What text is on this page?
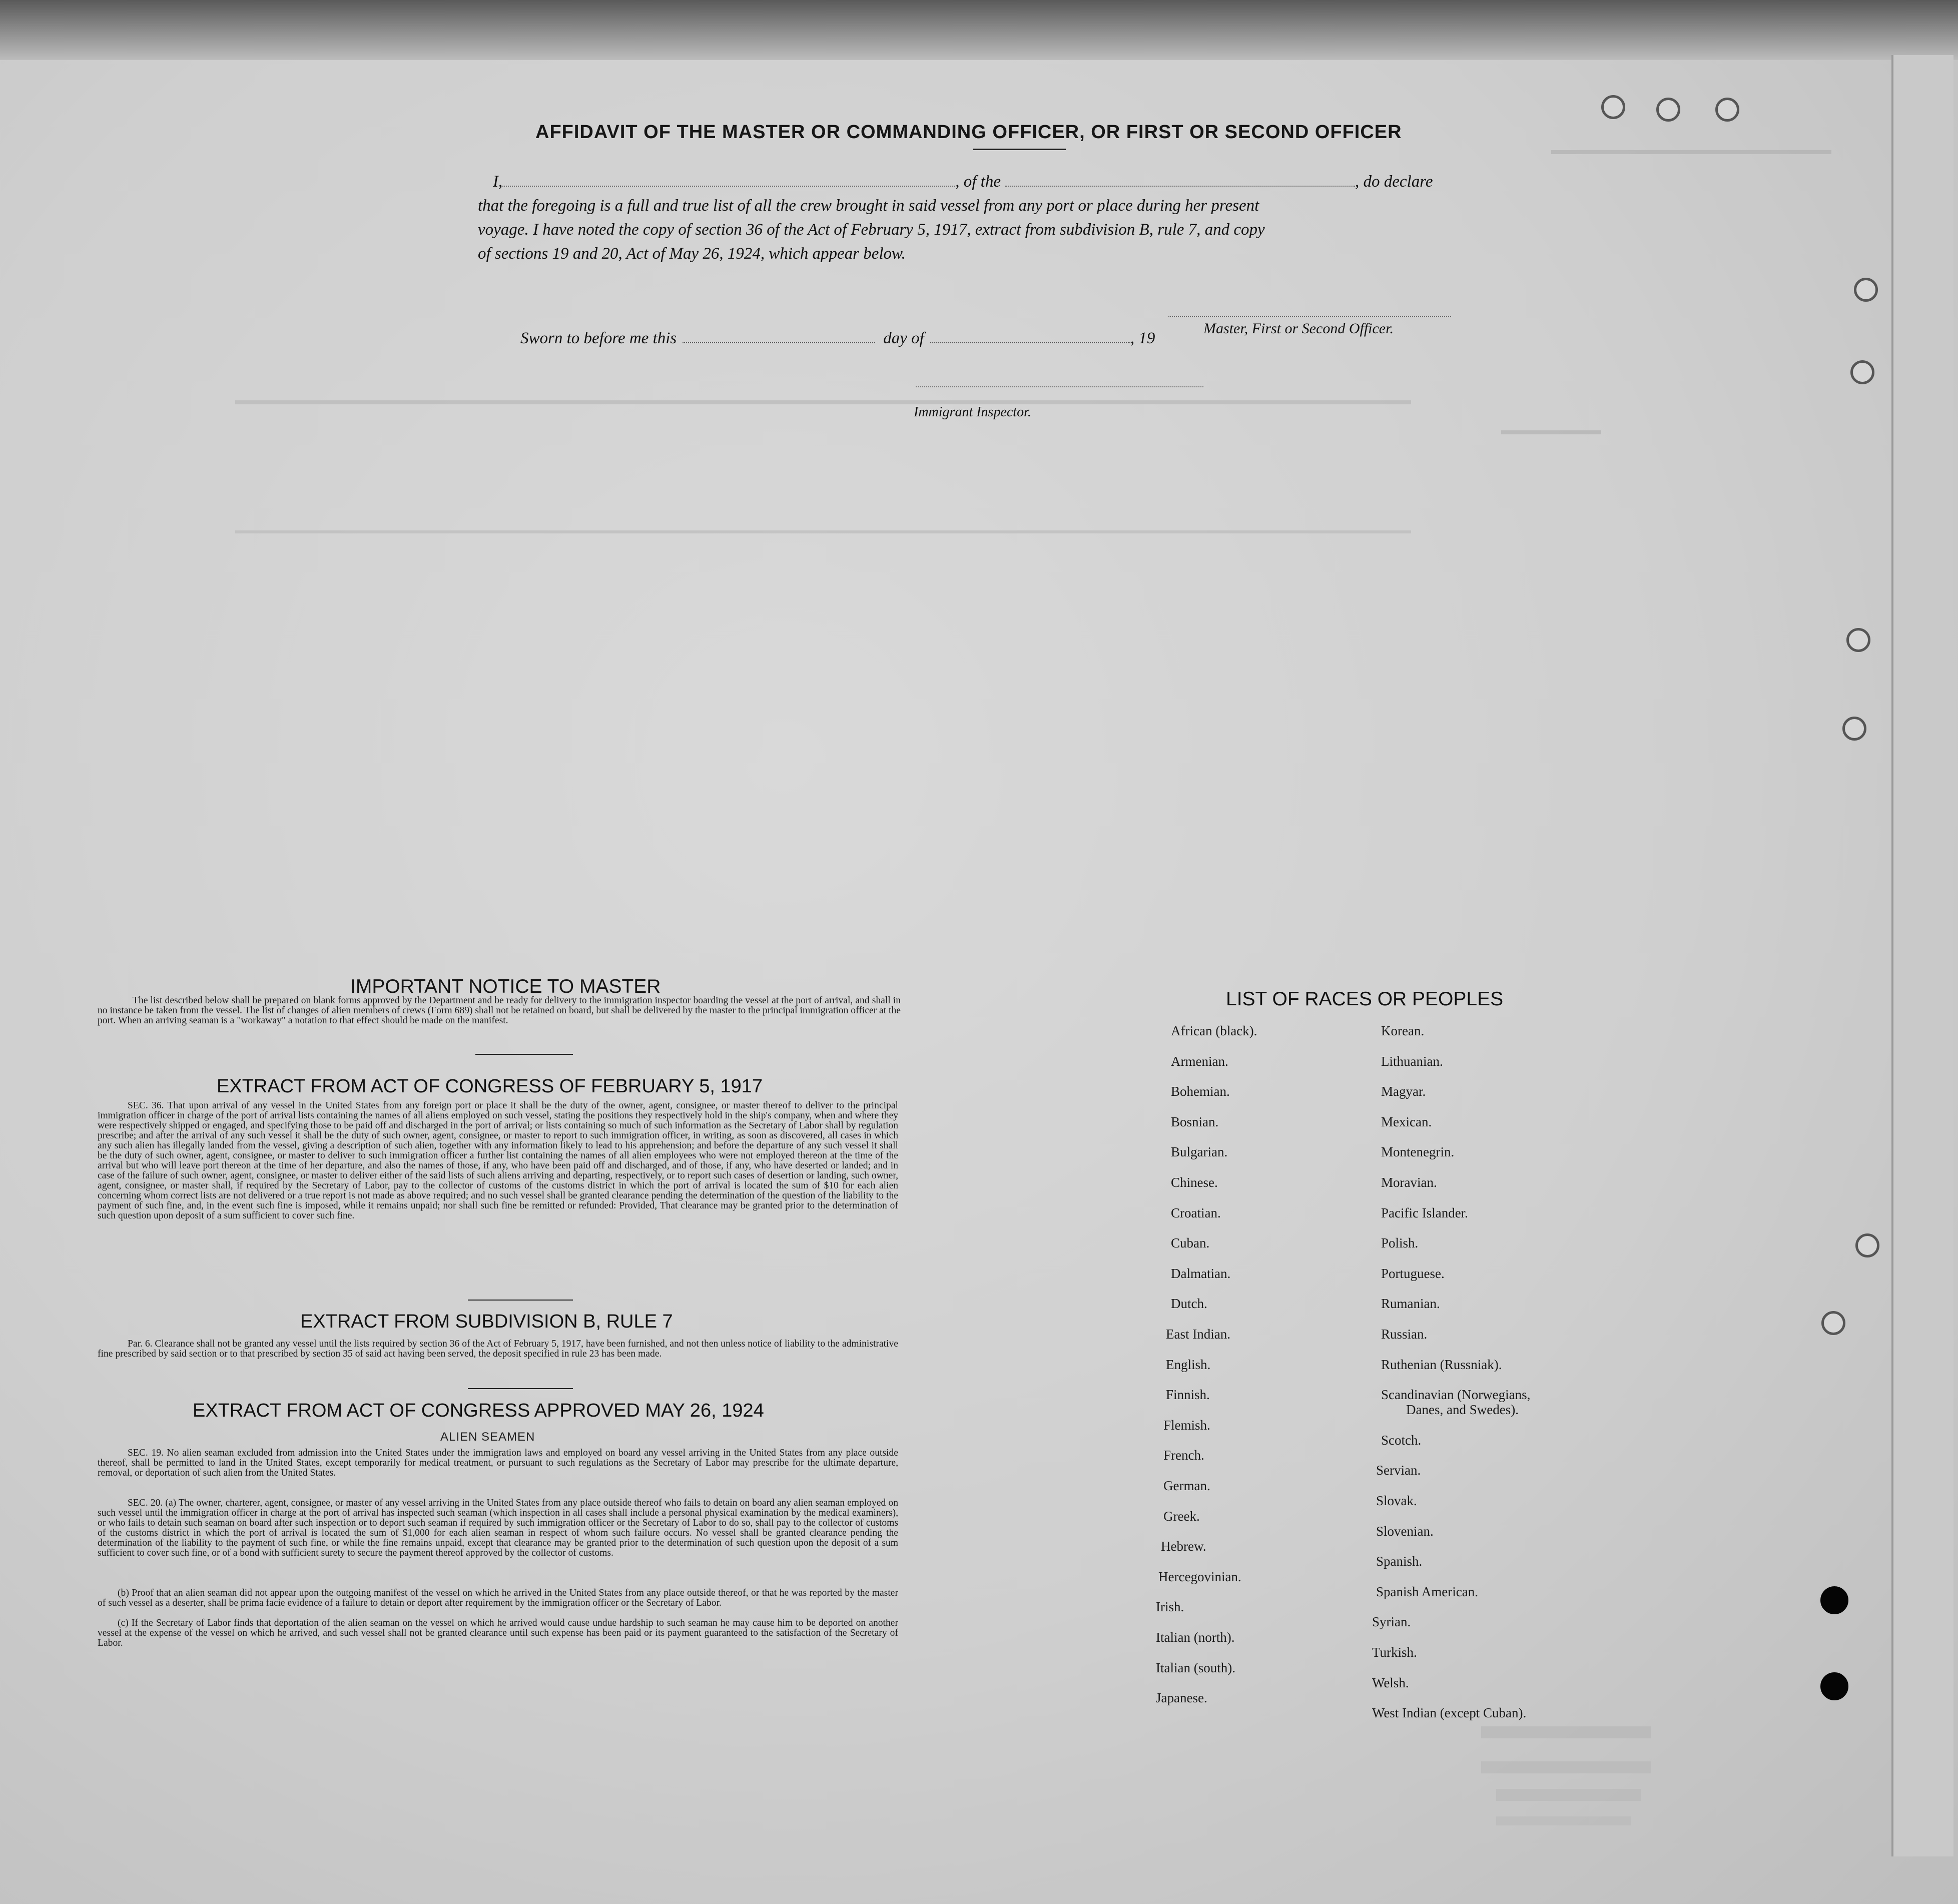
AFFIDAVIT OF THE MASTER OR COMMANDING OFFICER, OR FIRST OR SECOND OFFICER
I,	, of the	, do declare
that the foregoing is a full and true list of all the crew brought in said vessel from any port or place during her present
voyage. I have noted the copy of section 36 of the Act of February 5, 1917, extract from subdivision B, rule 7, and copy
of sections 19 and 20, Act of May 26, 1924, which appear below.
Master, First or Second Officer.
Sworn to before me this	day of	, 19
Immigrant Inspector.
IMPORTANT NOTICE TO MASTER
The list described below shall be prepared on blank forms approved by the Department and be ready for delivery to the immigration inspector boarding the vessel at the port of arrival, and shall in no instance be taken from the vessel. The list of changes of alien members of crews (Form 689) shall not be retained on board, but shall be delivered by the master to the principal immigration officer at the port. When an arriving seaman is a "workaway" a notation to that effect should be made on the manifest.
EXTRACT FROM ACT OF CONGRESS OF FEBRUARY 5, 1917
SEC. 36. That upon arrival of any vessel in the United States from any foreign port or place it shall be the duty of the owner, agent, consignee, or master thereof to deliver to the principal immigration officer in charge of the port of arrival lists containing the names of all aliens employed on such vessel, stating the positions they respectively hold in the ship's company, when and where they were respectively shipped or engaged, and specifying those to be paid off and discharged in the port of arrival; or lists containing so much of such information as the Secretary of Labor shall by regulation prescribe; and after the arrival of any such vessel it shall be the duty of such owner, agent, consignee, or master to report to such immigration officer, in writing, as soon as discovered, all cases in which any such alien has illegally landed from the vessel, giving a description of such alien, together with any information likely to lead to his apprehension; and before the departure of any such vessel it shall be the duty of such owner, agent, consignee, or master to deliver to such immigration officer a further list containing the names of all alien employees who were not employed thereon at the time of the arrival but who will leave port thereon at the time of her departure, and also the names of those, if any, who have been paid off and discharged, and of those, if any, who have deserted or landed; and in case of the failure of such owner, agent, consignee, or master to deliver either of the said lists of such aliens arriving and departing, respectively, or to report such cases of desertion or landing, such owner, agent, consignee, or master shall, if required by the Secretary of Labor, pay to the collector of customs of the customs district in which the port of arrival is located the sum of $10 for each alien concerning whom correct lists are not delivered or a true report is not made as above required; and no such vessel shall be granted clearance pending the determination of the question of the liability to the payment of such fine, and, in the event such fine is imposed, while it remains unpaid; nor shall such fine be remitted or refunded: Provided, That clearance may be granted prior to the determination of such question upon deposit of a sum sufficient to cover such fine.
EXTRACT FROM SUBDIVISION B, RULE 7
Par. 6. Clearance shall not be granted any vessel until the lists required by section 36 of the Act of February 5, 1917, have been furnished, and not then unless notice of liability to the administrative fine prescribed by said section or to that prescribed by section 35 of said act having been served, the deposit specified in rule 23 has been made.
EXTRACT FROM ACT OF CONGRESS APPROVED MAY 26, 1924
ALIEN SEAMEN
SEC. 19. No alien seaman excluded from admission into the United States under the immigration laws and employed on board any vessel arriving in the United States from any place outside thereof, shall be permitted to land in the United States, except temporarily for medical treatment, or pursuant to such regulations as the Secretary of Labor may prescribe for the ultimate departure, removal, or deportation of such alien from the United States.
SEC. 20. (a) The owner, charterer, agent, consignee, or master of any vessel arriving in the United States from any place outside thereof who fails to detain on board any alien seaman employed on such vessel until the immigration officer in charge at the port of arrival has inspected such seaman (which inspection in all cases shall include a personal physical examination by the medical examiners), or who fails to detain such seaman on board after such inspection or to deport such seaman if required by such immigration officer or the Secretary of Labor to do so, shall pay to the collector of customs of the customs district in which the port of arrival is located the sum of $1,000 for each alien seaman in respect of whom such failure occurs. No vessel shall be granted clearance pending the determination of the liability to the payment of such fine, or while the fine remains unpaid, except that clearance may be granted prior to the determination of such question upon the deposit of a sum sufficient to cover such fine, or of a bond with sufficient surety to secure the payment thereof approved by the collector of customs.
(b) Proof that an alien seaman did not appear upon the outgoing manifest of the vessel on which he arrived in the United States from any place outside thereof, or that he was reported by the master of such vessel as a deserter, shall be prima facie evidence of a failure to detain or deport after requirement by the immigration officer or the Secretary of Labor.
(c) If the Secretary of Labor finds that deportation of the alien seaman on the vessel on which he arrived would cause undue hardship to such seaman he may cause him to be deported on another vessel at the expense of the vessel on which he arrived, and such vessel shall not be granted clearance until such expense has been paid or its payment guaranteed to the satisfaction of the Secretary of Labor.
LIST OF RACES OR PEOPLES
African (black).
Armenian.
Bohemian.
Bosnian.
Bulgarian.
Chinese.
Croatian.
Cuban.
Dalmatian.
Dutch.
East Indian.
English.
Finnish.
Flemish.
French.
German.
Greek.
Hebrew.
Hercegovinian.
Irish.
Italian (north).
Italian (south).
Japanese.
Korean.
Lithuanian.
Magyar.
Mexican.
Montenegrin.
Moravian.
Pacific Islander.
Polish.
Portuguese.
Rumanian.
Russian.
Ruthenian (Russniak).
Scandinavian (Norwegians,
Danes, and Swedes).
Scotch.
Servian.
Slovak.
Slovenian.
Spanish.
Spanish American.
Syrian.
Turkish.
Welsh.
West Indian (except Cuban).
